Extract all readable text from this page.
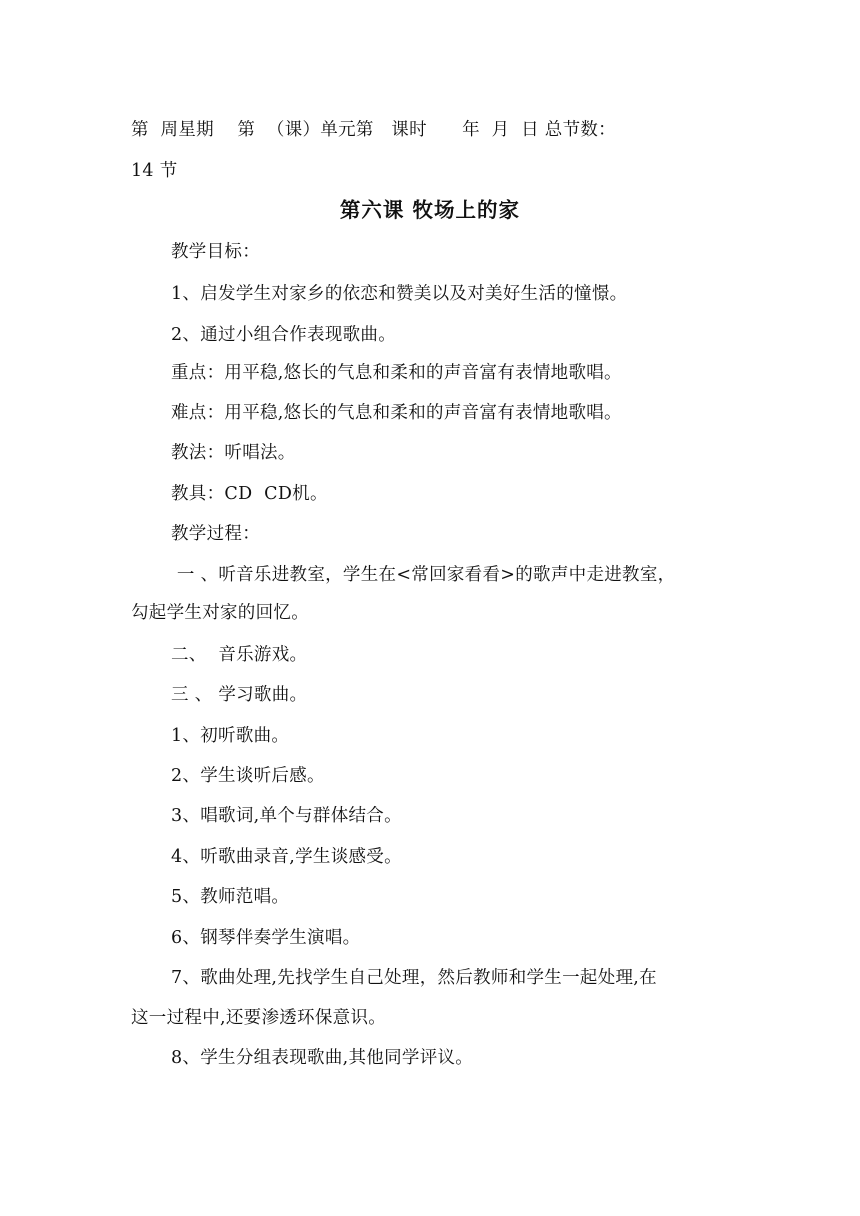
第  周星期    第  （课）单元第   课时      年  月  日 总节数：
14 节
第六课 牧场上的家
教学目标：
1、启发学生对家乡的依恋和赞美以及对美好生活的憧憬。
2、通过小组合作表现歌曲。
重点：用平稳,悠长的气息和柔和的声音富有表情地歌唱。
难点：用平稳,悠长的气息和柔和的声音富有表情地歌唱。
教法：听唱法。
教具：CD  CD机。
教学过程：
一 、听音乐进教室，学生在<常回家看看>的歌声中走进教室，
勾起学生对家的回忆。
二、  音乐游戏。
三 、 学习歌曲。
1、初听歌曲。
2、学生谈听后感。
3、唱歌词,单个与群体结合。
4、听歌曲录音,学生谈感受。
5、教师范唱。
6、钢琴伴奏学生演唱。
7、歌曲处理,先找学生自己处理，然后教师和学生一起处理,在
这一过程中,还要渗透环保意识。
8、学生分组表现歌曲,其他同学评议。
